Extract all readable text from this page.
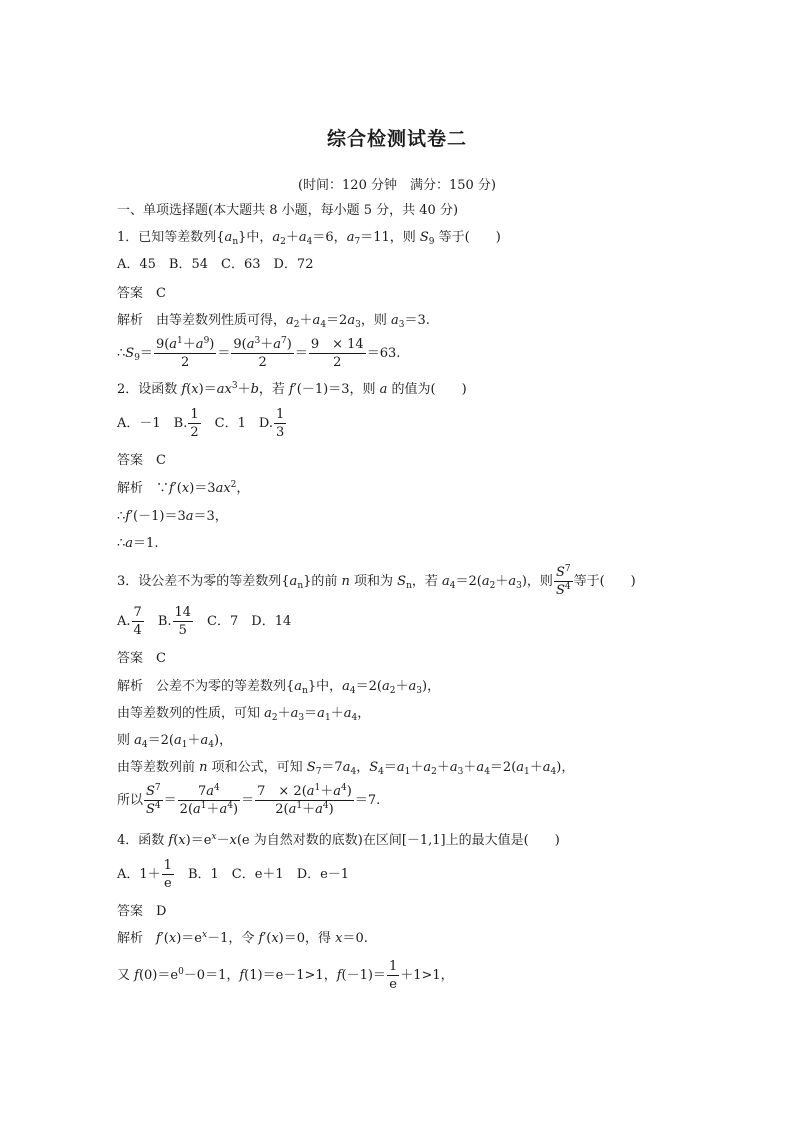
综合检测试卷二
(时间：120 分钟　满分：150 分)
一、单项选择题(本大题共 8 小题，每小题 5 分，共 40 分)
1．已知等差数列$\{a_n\}$中，$a_2+a_4=6$，$a_7=11$，则 $S_9$ 等于(　　)
A．45　B．54　C．63　D．72
答案　 C
解析　由等差数列性质可得，$a_2+a_4=2a_3$，则 $a_3=3$.
$\therefore S_9= \frac{9(a^1+a^9)}{2} = \frac{9(a^3+a^7)}{2} = \frac{9 \times 14}{2} =63$.
2．设函数 $f(x)=ax^3+b$，若 f′(－1)＝3，则 a 的值为(　　)
A．－1　B. $\frac{1}{2}$ 　C．1　D. $\frac{1}{3}$
答案　 C
解析　$\because f'(x)=3ax^2$，
∴f′(－1)＝3a＝3，
∴a＝1.
3．设公差不为零的等差数列$\{a_n\}$的前 n 项和为 $S_n$，若 $a_4=2(a_2+a_3)$，则 $\frac{S^7}{S^4}$ 等于(　　)
A. $\frac{7}{4}$ 　B. $\frac{14}{5}$ 　C．7　D．14
答案　 C
解析　公差不为零的等差数列$\{a_n\}$中，$a_4=2(a_2+a_3)$，
由等差数列的性质，可知 $a_2+a_3=a_1+a_4$，
则 $a_4=2(a_1+a_4)$，
由等差数列前 n 项和公式，可知 $S_7=7a_4$，$S_4=a_1+a_2+a_3+a_4=2(a_1+a_4)$，
所以 $\frac{S^7}{S^4} = \frac{7a^4}{2(a^1+a^4)} = \frac{7 \times 2(a^1+a^4)}{2(a^1+a^4)} =7$.
4．函数 $f(x)=e^x-x(e$ 为自然对数的底数)在区间[－1,1]上的最大值是(　　)
A．$1+ \frac{1}{e}$ 　B．1　C．e＋1　D．e－1
答案　 D
解析　 $f'(x)=e^x-1$，令 f′(x)＝0，得 x＝0.
又 $f(0)=e^0-0=1$，f(1)＝e－1>1，$f(-1)= \frac{1}{e} +1>1$，
